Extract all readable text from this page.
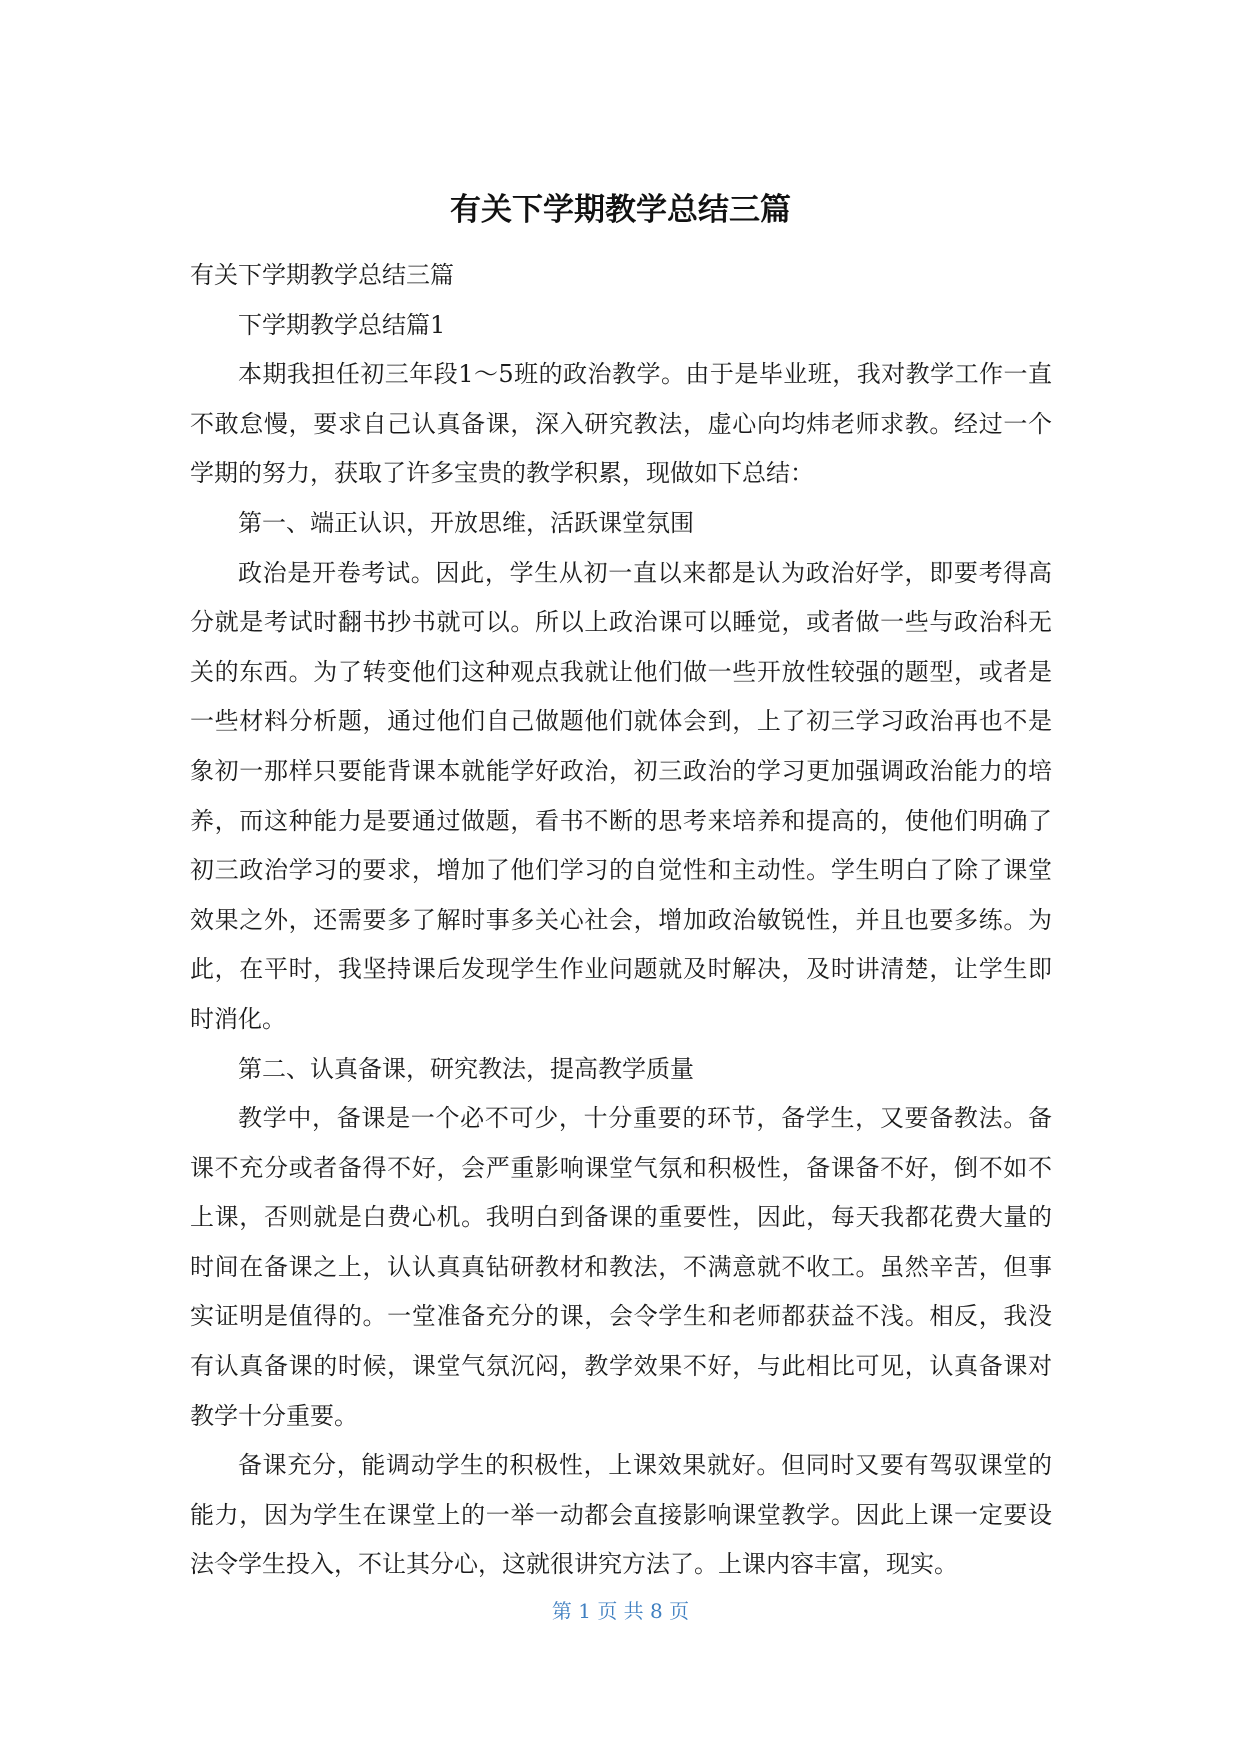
有关下学期教学总结三篇

有关下学期教学总结三篇

下学期教学总结篇1

本期我担任初三年段1～5班的政治教学。由于是毕业班，我对教学工作一直不敢怠慢，要求自己认真备课，深入研究教法，虚心向均炜老师求教。经过一个学期的努力，获取了许多宝贵的教学积累，现做如下总结：

第一、端正认识，开放思维，活跃课堂氛围

政治是开卷考试。因此，学生从初一直以来都是认为政治好学，即要考得高分就是考试时翻书抄书就可以。所以上政治课可以睡觉，或者做一些与政治科无关的东西。为了转变他们这种观点我就让他们做一些开放性较强的题型，或者是一些材料分析题，通过他们自己做题他们就体会到，上了初三学习政治再也不是象初一那样只要能背课本就能学好政治，初三政治的学习更加强调政治能力的培养，而这种能力是要通过做题，看书不断的思考来培养和提高的，使他们明确了初三政治学习的要求，增加了他们学习的自觉性和主动性。学生明白了除了课堂效果之外，还需要多了解时事多关心社会，增加政治敏锐性，并且也要多练。为此，在平时，我坚持课后发现学生作业问题就及时解决，及时讲清楚，让学生即时消化。

第二、认真备课，研究教法，提高教学质量

教学中，备课是一个必不可少，十分重要的环节，备学生，又要备教法。备课不充分或者备得不好，会严重影响课堂气氛和积极性，备课备不好，倒不如不上课，否则就是白费心机。我明白到备课的重要性，因此，每天我都花费大量的时间在备课之上，认认真真钻研教材和教法，不满意就不收工。虽然辛苦，但事实证明是值得的。一堂准备充分的课，会令学生和老师都获益不浅。相反，我没有认真备课的时候，课堂气氛沉闷，教学效果不好，与此相比可见，认真备课对教学十分重要。

备课充分，能调动学生的积极性，上课效果就好。但同时又要有驾驭课堂的能力，因为学生在课堂上的一举一动都会直接影响课堂教学。因此上课一定要设法令学生投入，不让其分心，这就很讲究方法了。上课内容丰富，现实。

第 1 页 共 8 页
